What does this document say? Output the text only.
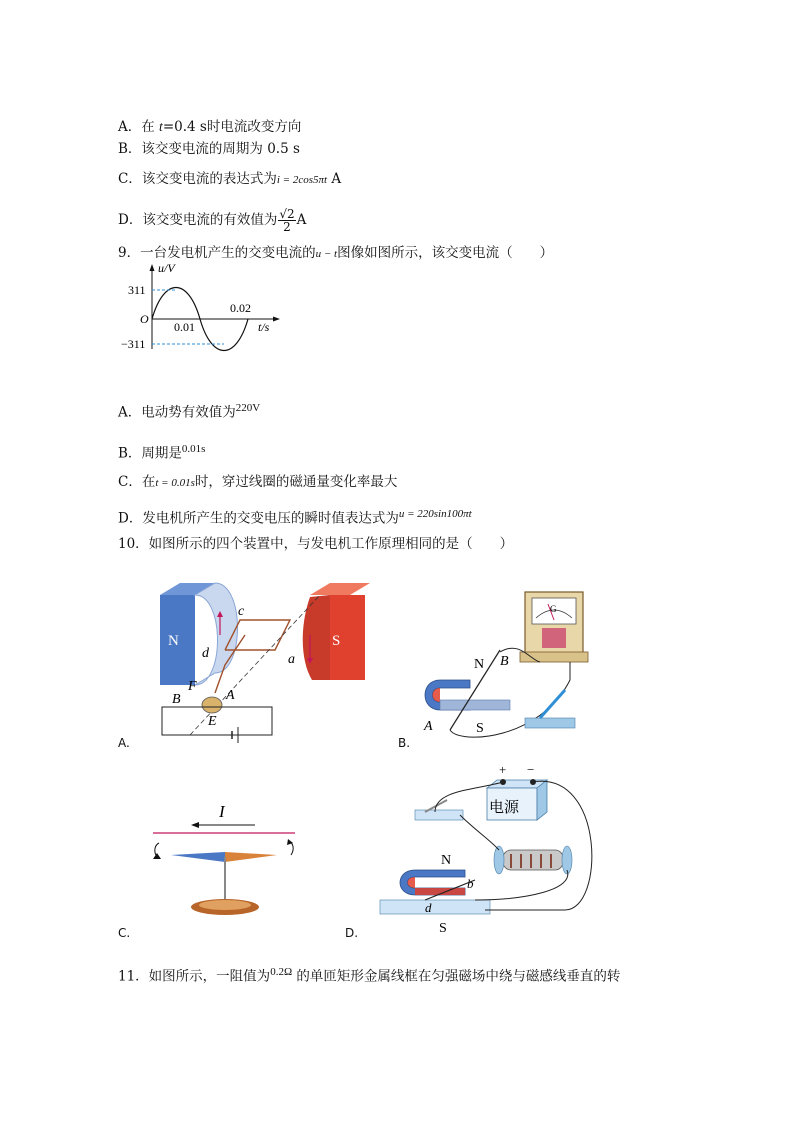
A．在 t=0.4 s时电流改变方向
B．该交变电流的周期为 0.5 s
C．该交变电流的表达式为i = 2cos5πt A
D．该交变电流的有效值为 $\frac{√2}{2}$ A
9．一台发电机产生的交变电流的u − t图像如图所示，该交变电流（　　）
u/V
311
−311
O
0.01
0.02
t/s
A．电动势有效值为$^{220V}$
B．周期是$^{0.01s}$
C．在t = 0.01s时，穿过线圈的磁通量变化率最大
D．发电机所产生的交变电压的瞬时值表达式为$^{u = 220sin100\pi t}$
10．如图所示的四个装置中，与发电机工作原理相同的是（　　）
N	S
c
d	a
F
A
B
E
A.
G
N B
A	S
B.
I
C.
+ −
电源
N
S
b
d
D.
11．如图所示，一阻值为$^{0.2\Omega}$ 的单匝矩形金属线框在匀强磁场中绕与磁感线垂直的转
